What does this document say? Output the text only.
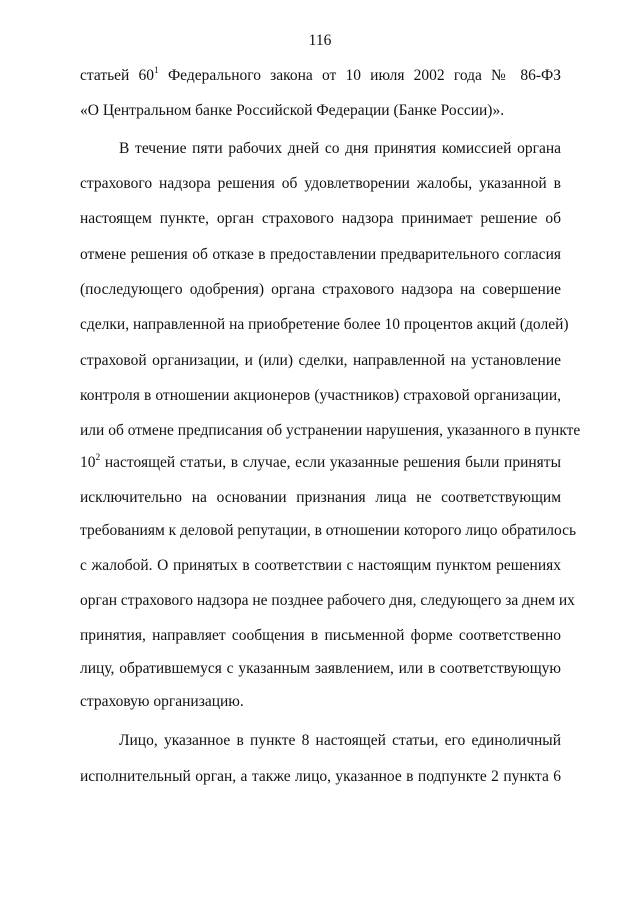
116
статьей $60^1$ Федерального закона от 10 июля 2002 года № 86-ФЗ
«О Центральном банке Российской Федерации (Банке России)».
В течение пяти рабочих дней со дня принятия комиссией органа
страхового надзора решения об удовлетворении жалобы, указанной в
настоящем пункте, орган страхового надзора принимает решение об
отмене решения об отказе в предоставлении предварительного согласия
(последующего одобрения) органа страхового надзора на совершение
сделки, направленной на приобретение более 10 процентов акций (долей)
страховой организации, и (или) сделки, направленной на установление
контроля в отношении акционеров (участников) страховой организации,
или об отмене предписания об устранении нарушения, указанного в пункте
$10^2$ настоящей статьи, в случае, если указанные решения были приняты
исключительно на основании признания лица не соответствующим
требованиям к деловой репутации, в отношении которого лицо обратилось
с жалобой. О принятых в соответствии с настоящим пунктом решениях
орган страхового надзора не позднее рабочего дня, следующего за днем их
принятия, направляет сообщения в письменной форме соответственно
лицу, обратившемуся с указанным заявлением, или в соответствующую
страховую организацию.
Лицо, указанное в пункте 8 настоящей статьи, его единоличный
исполнительный орган, а также лицо, указанное в подпункте 2 пункта 6
